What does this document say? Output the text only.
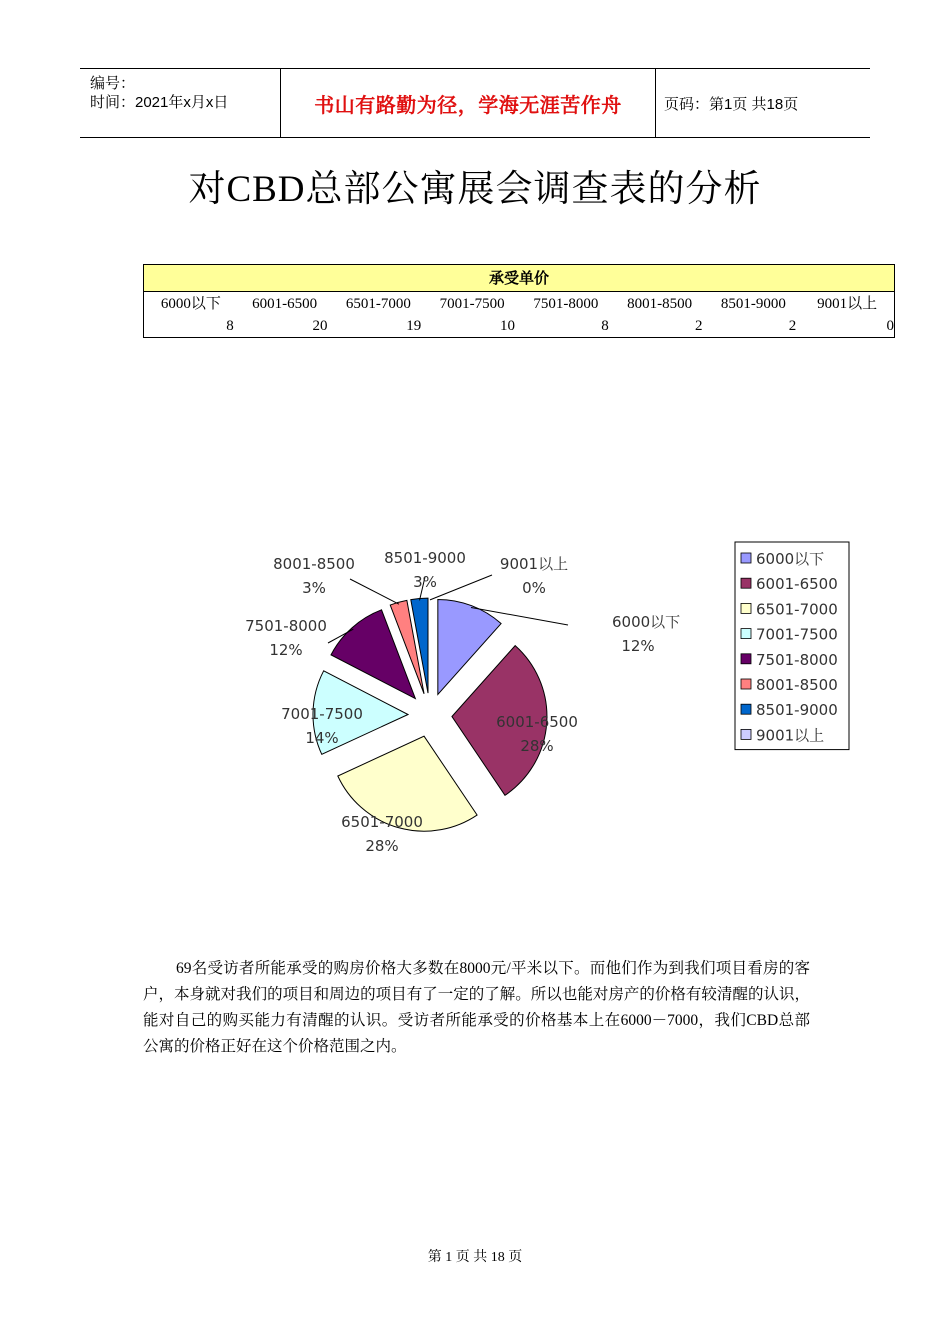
编号：
时间：2021年x月x日	书山有路勤为径，学海无涯苦作舟	页码：第1页 共18页
对CBD总部公寓展会调查表的分析
承受单价
6000以下	6001-6500	6501-7000	7001-7500	7501-8000	8001-8500	8501-9000	9001以上
8	20	19	10	8	2	2	0
6000以下
12%
6001-6500
28%
6501-7000
28%
7001-7500
14%
7501-8000
12%
8001-8500
3%
8501-9000
3%
9001以上
0%
6000以下
6001-6500
6501-7000
7001-7500
7501-8000
8001-8500
8501-9000
9001以上
69名受访者所能承受的购房价格大多数在8000元/平米以下。而他们作为到我们项目看房的客户，本身就对我们的项目和周边的项目有了一定的了解。所以也能对房产的价格有较清醒的认识，能对自己的购买能力有清醒的认识。受访者所能承受的价格基本上在6000－7000，我们CBD总部公寓的价格正好在这个价格范围之内。
第 1 页 共 18 页
